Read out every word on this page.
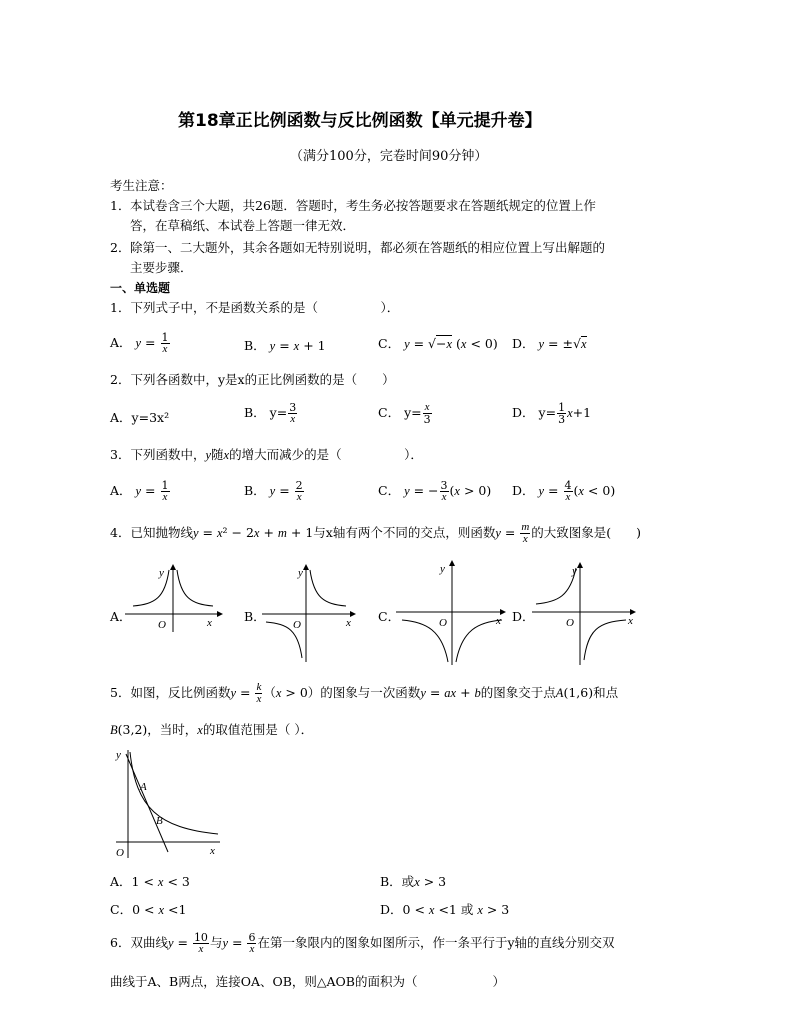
第18章正比例函数与反比例函数【单元提升卷】
（满分100分，完卷时间90分钟）
考生注意：
1． 本试卷含三个大题，共26题．答题时，考生务必按答题要求在答题纸规定的位置上作
答，在草稿纸、本试卷上答题一律无效．
2． 除第一、二大题外，其余各题如无特别说明，都必须在答题纸的相应位置上写出解题的
主要步骤．
一、单选题
1．下列式子中，不是函数关系的是（　　　　　）．
A． $y = \frac{1}{x}$	B． y = x + 1	C． y = √−x (x < 0) D． y = ±√x
2．下列各函数中，y是x的正比例函数的是（　　）
A．y=3x²	B． $y= \frac{3}{x}$	C． $y= \frac{x}{3}$	D． $y= \frac{1}{3} x+1$
3．下列函数中，y随x的增大而减少的是（　　　　　）．
A． $y = \frac{1}{x}$	B． $y = \frac{2}{x}$	C． y = − $\frac{3}{x} (x > 0)$ D． $y = \frac{4}{x} (x < 0)$
4．已知抛物线y = x² − 2x + m + 1与x轴有两个不同的交点，则函数$y = \frac{m}{x}$ 的大致图象是(　　)
A．	B．	C．	D．
y
x
O
y
x
O
y
x
O
y
x
O
5．如图，反比例函数$y = \frac{k}{x} (x > 0)$的图象与一次函数y = ax + b的图象交于点A(1,6)和点
B(3,2)，当时，x的取值范围是（ ）．
y
x
O
A
B
A．1 < x < 3	B．或x > 3
C．0 < x <1	D．0 < x <1 或 x > 3
6．双曲线$y = \frac{10}{x}$ 与$y = \frac{6}{x}$ 在第一象限内的图象如图所示，作一条平行于y轴的直线分别交双
曲线于A、B两点，连接OA、OB，则△AOB的面积为（　　　　　　）
